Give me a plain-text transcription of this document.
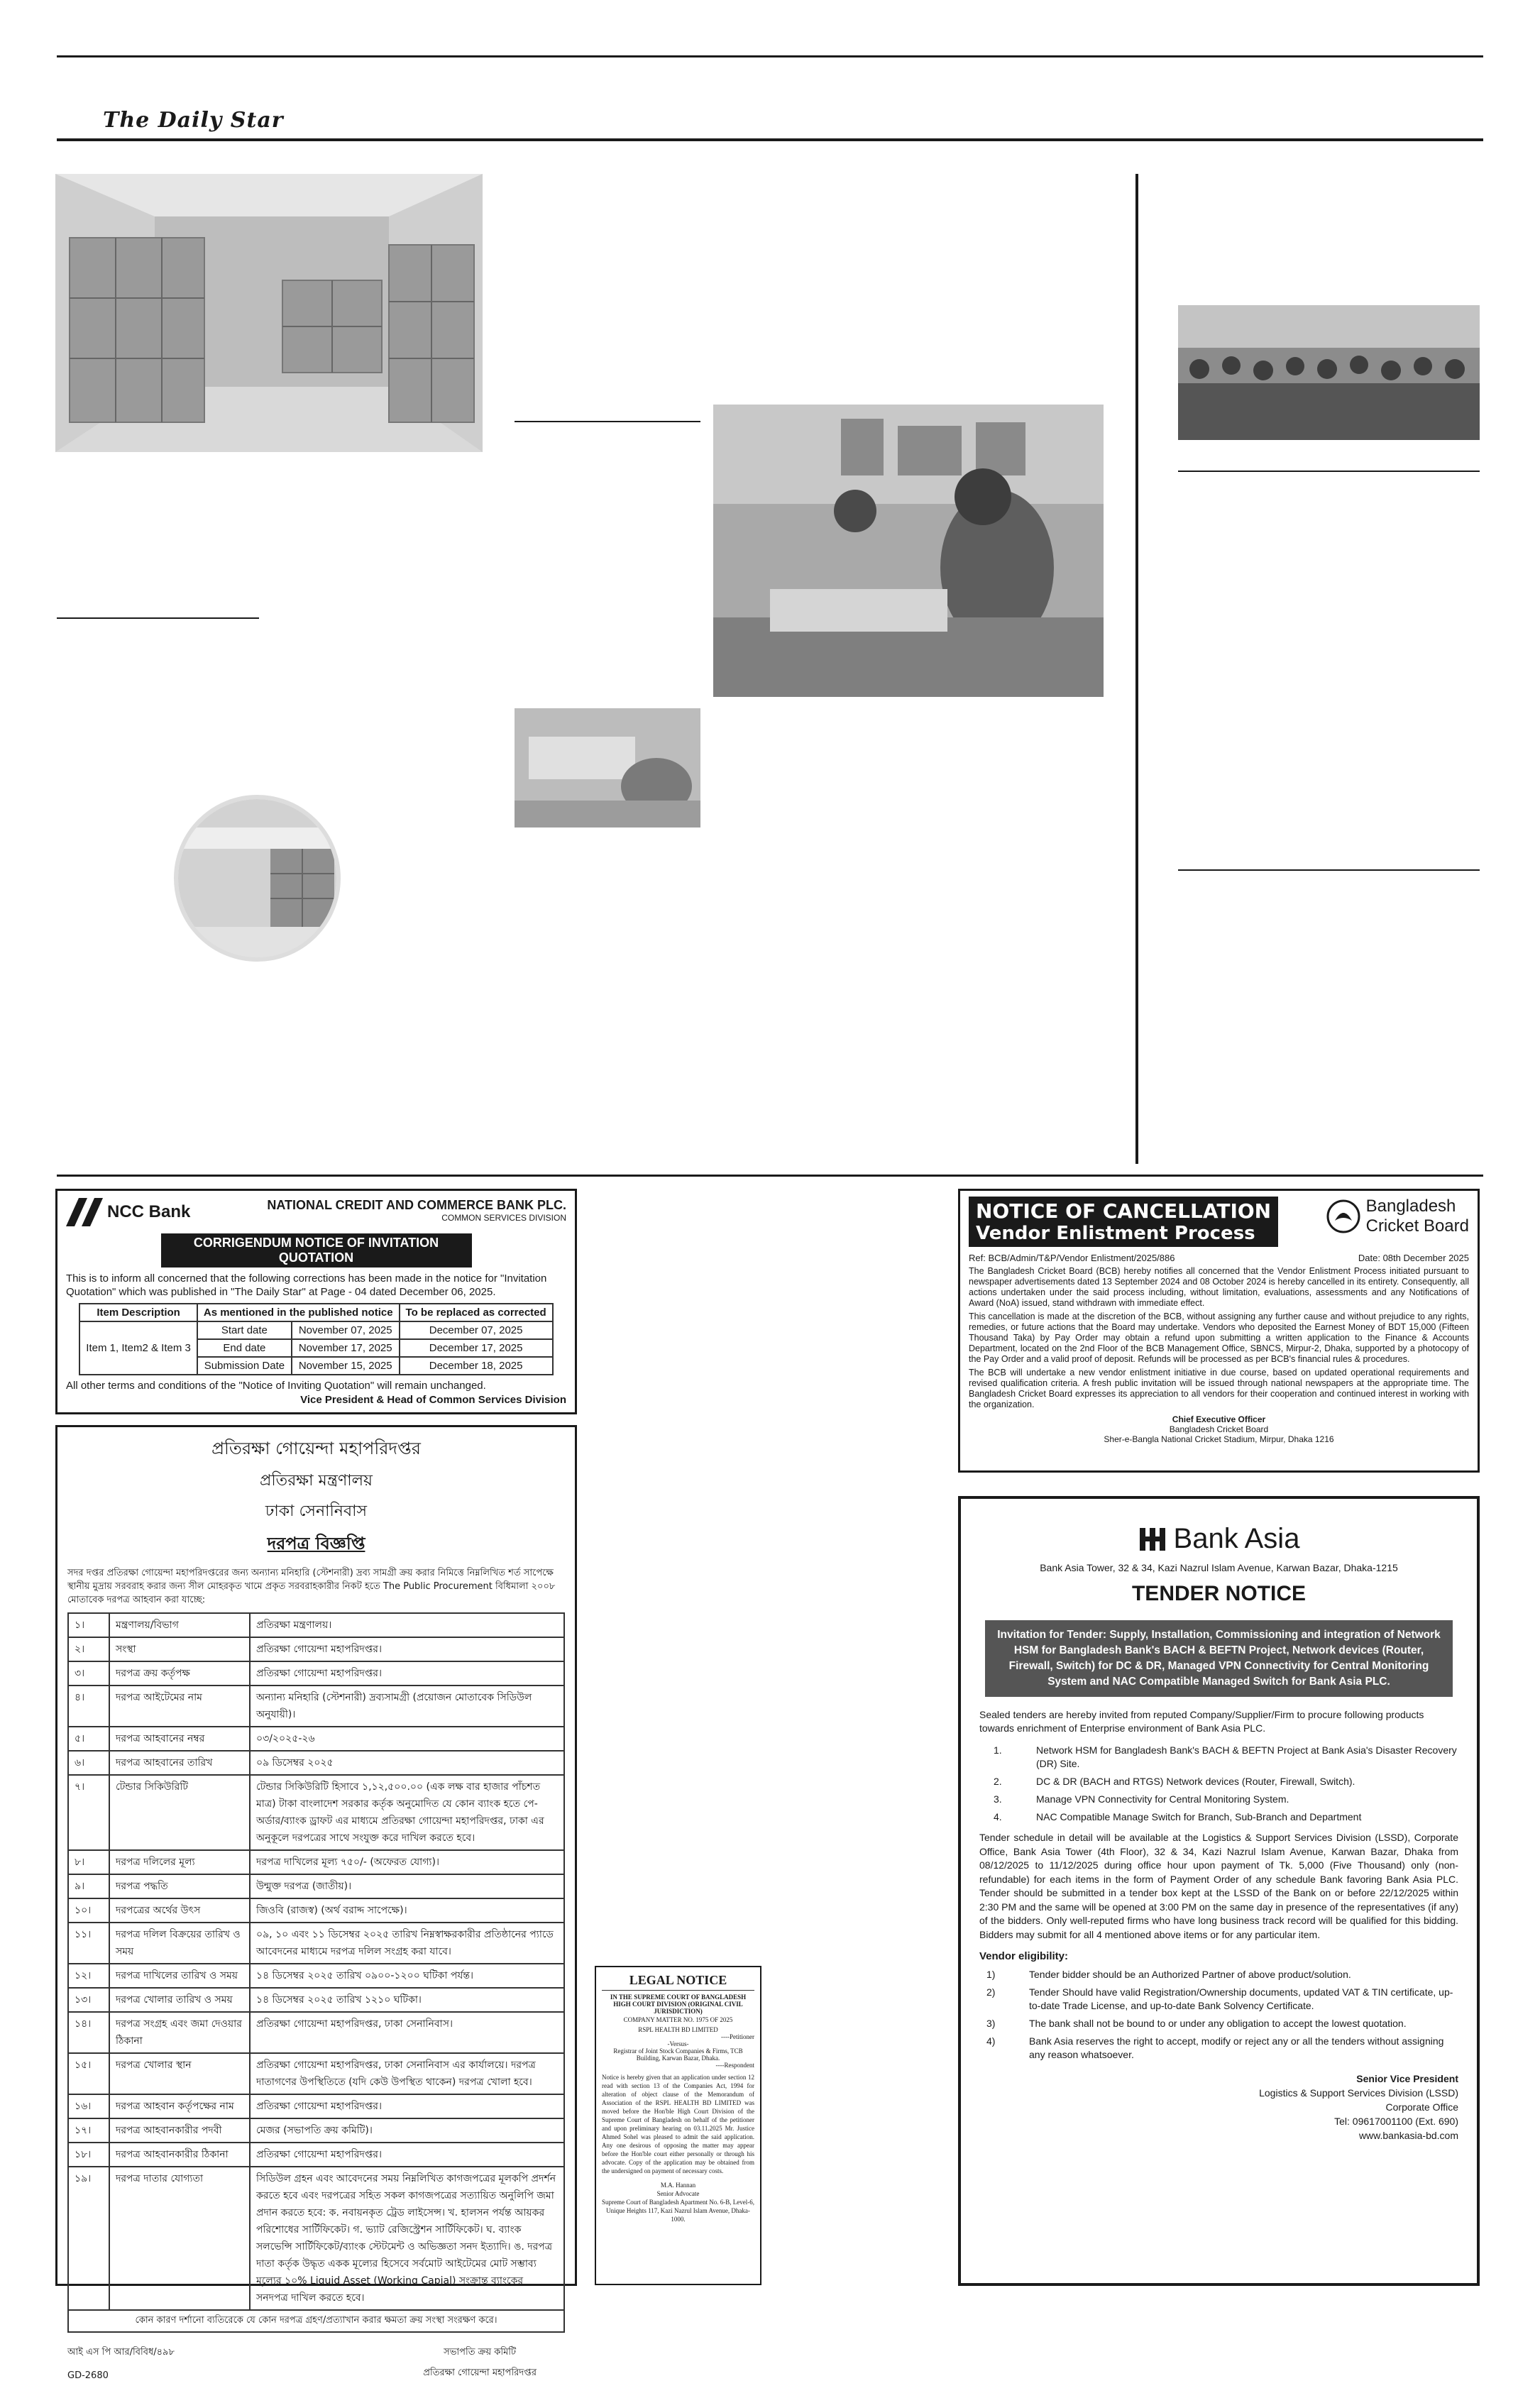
The Daily Star
NCC Bank	NATIONAL CREDIT AND COMMERCE BANK PLC.
COMMON SERVICES DIVISION
CORRIGENDUM NOTICE OF INVITATION QUOTATION
This is to inform all concerned that the following corrections has been made in the notice for "Invitation Quotation" which was published in "The Daily Star" at Page - 04 dated December 06, 2025.
Item Description	As mentioned in the published notice		To be replaced as corrected
Item 1, Item2 & Item 3	Start date	November 07, 2025	December 07, 2025
	End date	November 17, 2025	December 17, 2025
	Submission Date	November 15, 2025	December 18, 2025
All other terms and conditions of the "Notice of Inviting Quotation" will remain unchanged.
Vice President & Head of Common Services Division
প্রতিরক্ষা গোয়েন্দা মহাপরিদপ্তর
প্রতিরক্ষা মন্ত্রণালয়
ঢাকা সেনানিবাস
দরপত্র বিজ্ঞপ্তি
সদর দপ্তর প্রতিরক্ষা গোয়েন্দা মহাপরিদপ্তরের জন্য অন্যান্য মনিহারি (স্টেশনারী) দ্রব্য সামগ্রী ক্রয় করার নিমিত্তে নিম্নলিখিত শর্ত সাপেক্ষে স্থানীয় মুদ্রায় সরবরাহ করার জন্য সীল মোহরকৃত খামে প্রকৃত সরবরাহকারীর নিকট হতে The Public Procurement বিধিমালা ২০০৮ মোতাবেক দরপত্র আহবান করা যাচ্ছে:
১।	মন্ত্রণালয়/বিভাগ	প্রতিরক্ষা মন্ত্রণালয়।
২।	সংস্থা	প্রতিরক্ষা গোয়েন্দা মহাপরিদপ্তর।
৩।	দরপত্র ক্রয় কর্তৃপক্ষ	প্রতিরক্ষা গোয়েন্দা মহাপরিদপ্তর।
৪।	দরপত্র আইটেমের নাম	অন্যান্য মনিহারি (স্টেশনারী) দ্রব্যসামগ্রী (প্রয়োজন মোতাবেক সিডিউল অনুযায়ী)।
৫।	দরপত্র আহবানের নম্বর	০৩/২০২৫-২৬
৬।	দরপত্র আহবানের তারিখ	০৯ ডিসেম্বর ২০২৫
৭।	টেন্ডার সিকিউরিটি	টেন্ডার সিকিউরিটি হিসাবে ১,১২,৫০০.০০ (এক লক্ষ বার হাজার পাঁচশত মাত্র) টাকা বাংলাদেশ সরকার কর্তৃক অনুমোদিত যে কোন ব্যাংক হতে পে-অর্ডার/ব্যাংক ড্রাফট এর মাধ্যমে প্রতিরক্ষা গোয়েন্দা মহাপরিদপ্তর, ঢাকা এর অনুকূলে দরপত্রের সাথে সংযুক্ত করে দাখিল করতে হবে।
৮।	দরপত্র দলিলের মূল্য	দরপত্র দাখিলের মূল্য ৭৫০/- (অফেরত যোগ্য)।
৯।	দরপত্র পদ্ধতি	উন্মুক্ত দরপত্র (জাতীয়)।
১০।	দরপত্রের অর্থের উৎস	জিওবি (রাজস্ব) (অর্থ বরাদ্দ সাপেক্ষে)।
১১।	দরপত্র দলিল বিক্রয়ের তারিখ ও সময়	০৯, ১০ এবং ১১ ডিসেম্বর ২০২৫ তারিখ নিম্নস্বাক্ষরকারীর প্রতিষ্ঠানের প্যাডে আবেদনের মাধ্যমে দরপত্র দলিল সংগ্রহ করা যাবে।
১২।	দরপত্র দাখিলের তারিখ ও সময়	১৪ ডিসেম্বর ২০২৫ তারিখ ০৯০০-১২০০ ঘটিকা পর্যন্ত।
১৩।	দরপত্র খোলার তারিখ ও সময়	১৪ ডিসেম্বর ২০২৫ তারিখ ১২১০ ঘটিকা।
১৪।	দরপত্র সংগ্রহ এবং জমা দেওয়ার ঠিকানা	প্রতিরক্ষা গোয়েন্দা মহাপরিদপ্তর, ঢাকা সেনানিবাস।
১৫।	দরপত্র খোলার স্থান	প্রতিরক্ষা গোয়েন্দা মহাপরিদপ্তর, ঢাকা সেনানিবাস এর কার্যালয়ে। দরপত্র দাতাগণের উপস্থিতিতে (যদি কেউ উপস্থিত থাকেন) দরপত্র খোলা হবে।
১৬।	দরপত্র আহবান কর্তৃপক্ষের নাম	প্রতিরক্ষা গোয়েন্দা মহাপরিদপ্তর।
১৭।	দরপত্র আহবানকারীর পদবী	মেজর (সভাপতি ক্রয় কমিটি)।
১৮।	দরপত্র আহবানকারীর ঠিকানা	প্রতিরক্ষা গোয়েন্দা মহাপরিদপ্তর।
১৯।	দরপত্র দাতার যোগ্যতা	সিডিউল গ্রহন এবং আবেদনের সময় নিম্নলিখিত কাগজপত্রের মূলকপি প্রদর্শন করতে হবে এবং দরপত্রের সহিত সকল কাগজপত্রের সত্যায়িত অনুলিপি জমা প্রদান করতে হবে: ক. নবায়নকৃত ট্রেড লাইসেন্স। খ. হালসন পর্যন্ত আয়কর পরিশোধের সার্টিফিকেট। গ. ভ্যাট রেজিস্ট্রেশন সার্টিফিকেট। ঘ. ব্যাংক সলভেন্সি সার্টিফিকেট/ব্যাংক স্টেটমেন্ট ও অভিজ্ঞতা সনদ ইত্যাদি। ঙ. দরপত্র দাতা কর্তৃক উদ্ধৃত একক মূল্যের হিসেবে সর্বমোট আইটেমের মোট সম্ভাব্য মূল্যের ১০% Liquid Asset (Working Capial) সংক্রান্ত ব্যাংকের সনদপত্র দাখিল করতে হবে।
কোন কারণ দর্শানো ব্যতিরেকে যে কোন দরপত্র গ্রহণ/প্রত্যাখান করার ক্ষমতা ক্রয় সংস্থা সংরক্ষণ করে।
আই এস পি আর/বিবিধ/৪৯৮
GD-2680
সভাপতি ক্রয় কমিটি
প্রতিরক্ষা গোয়েন্দা মহাপরিদপ্তর
LEGAL NOTICE
IN THE SUPREME COURT OF BANGLADESH HIGH COURT DIVISION (ORIGINAL CIVIL JURISDICTION)
COMPANY MATTER NO. 1975 OF 2025
RSPL HEALTH BD LIMITED
----Petitioner
-Versus-
Registrar of Joint Stock Companies & Firms, TCB Building, Karwan Bazar, Dhaka.
----Respondent
Notice is hereby given that an application under section 12 read with section 13 of the Companies Act, 1994 for alteration of object clause of the Memorandum of Association of the RSPL HEALTH BD LIMITED was moved before the Hon'ble High Court Division of the Supreme Court of Bangladesh on behalf of the petitioner and upon preliminary hearing on 03.11.2025 Mr. Justice Ahmed Sohel was pleased to admit the said application. Any one desirous of opposing the matter may appear before the Hon'ble court either personally or through his advocate. Copy of the application may be obtained from the undersigned on payment of necessary costs.
M.A. Hannan
Senior Advocate
Supreme Court of Bangladesh Apartment No. 6-B, Level-6, Unique Heights 117, Kazi Nazrul Islam Avenue, Dhaka-1000.
NOTICE OF CANCELLATION
Vendor Enlistment Process
Bangladesh
Cricket Board
Ref: BCB/Admin/T&P/Vendor Enlistment/2025/886	Date: 08th December 2025
The Bangladesh Cricket Board (BCB) hereby notifies all concerned that the Vendor Enlistment Process initiated pursuant to newspaper advertisements dated 13 September 2024 and 08 October 2024 is hereby cancelled in its entirety. Consequently, all actions undertaken under the said process including, without limitation, evaluations, assessments and any Notifications of Award (NoA) issued, stand withdrawn with immediate effect.
This cancellation is made at the discretion of the BCB, without assigning any further cause and without prejudice to any rights, remedies, or future actions that the Board may undertake. Vendors who deposited the Earnest Money of BDT 15,000 (Fifteen Thousand Taka) by Pay Order may obtain a refund upon submitting a written application to the Finance & Accounts Department, located on the 2nd Floor of the BCB Management Office, SBNCS, Mirpur-2, Dhaka, supported by a photocopy of the Pay Order and a valid proof of deposit. Refunds will be processed as per BCB's financial rules & procedures.
The BCB will undertake a new vendor enlistment initiative in due course, based on updated operational requirements and revised qualification criteria. A fresh public invitation will be issued through national newspapers at the appropriate time. The Bangladesh Cricket Board expresses its appreciation to all vendors for their cooperation and continued interest in working with the organization.
Chief Executive Officer
Bangladesh Cricket Board
Sher-e-Bangla National Cricket Stadium, Mirpur, Dhaka 1216
Bank Asia
Bank Asia Tower, 32 & 34, Kazi Nazrul Islam Avenue, Karwan Bazar, Dhaka-1215
TENDER NOTICE
Invitation for Tender: Supply, Installation, Commissioning and integration of Network HSM for Bangladesh Bank's BACH & BEFTN Project, Network devices (Router, Firewall, Switch) for DC & DR, Managed VPN Connectivity for Central Monitoring System and NAC Compatible Managed Switch for Bank Asia PLC.
Sealed tenders are hereby invited from reputed Company/Supplier/Firm to procure following products towards enrichment of Enterprise environment of Bank Asia PLC.
1.	Network HSM for Bangladesh Bank's BACH & BEFTN Project at Bank Asia's Disaster Recovery (DR) Site.
2.	DC & DR (BACH and RTGS) Network devices (Router, Firewall, Switch).
3.	Manage VPN Connectivity for Central Monitoring System.
4.	NAC Compatible Manage Switch for Branch, Sub-Branch and Department
Tender schedule in detail will be available at the Logistics & Support Services Division (LSSD), Corporate Office, Bank Asia Tower (4th Floor), 32 & 34, Kazi Nazrul Islam Avenue, Karwan Bazar, Dhaka from 08/12/2025 to 11/12/2025 during office hour upon payment of Tk. 5,000 (Five Thousand) only (non-refundable) for each items in the form of Payment Order of any schedule Bank favoring Bank Asia PLC. Tender should be submitted in a tender box kept at the LSSD of the Bank on or before 22/12/2025 within 2:30 PM and the same will be opened at 3:00 PM on the same day in presence of the representatives (if any) of the bidders. Only well-reputed firms who have long business track record will be qualified for this bidding. Bidders may submit for all 4 mentioned above items or for any particular item.
Vendor eligibility:
1)	Tender bidder should be an Authorized Partner of above product/solution.
2)	Tender Should have valid Registration/Ownership documents, updated VAT & TIN certificate, up-to-date Trade License, and up-to-date Bank Solvency Certificate.
3)	The bank shall not be bound to or under any obligation to accept the lowest quotation.
4)	Bank Asia reserves the right to accept, modify or reject any or all the tenders without assigning any reason whatsoever.
Senior Vice President
Logistics & Support Services Division (LSSD)
Corporate Office
Tel: 09617001100 (Ext. 690)
www.bankasia-bd.com
